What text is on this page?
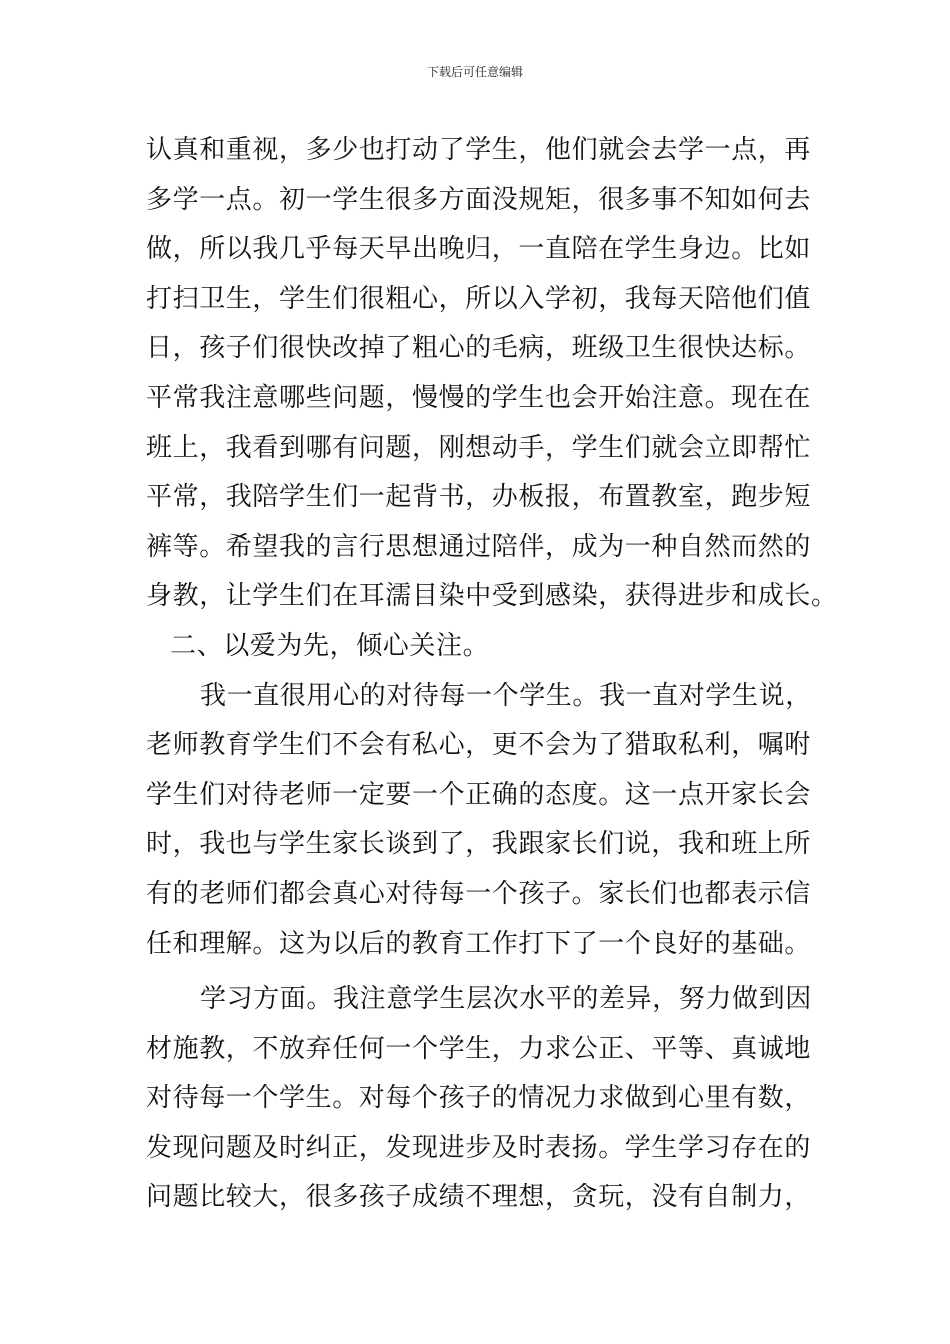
下载后可任意编辑
认真和重视，多少也打动了学生，他们就会去学一点，再
多学一点。初一学生很多方面没规矩，很多事不知如何去
做，所以我几乎每天早出晚归，一直陪在学生身边。比如
打扫卫生，学生们很粗心，所以入学初，我每天陪他们值
日，孩子们很快改掉了粗心的毛病，班级卫生很快达标。
平常我注意哪些问题，慢慢的学生也会开始注意。现在在
班上，我看到哪有问题，刚想动手，学生们就会立即帮忙
平常，我陪学生们一起背书，办板报，布置教室，跑步短
裤等。希望我的言行思想通过陪伴，成为一种自然而然的
身教，让学生们在耳濡目染中受到感染，获得进步和成长。
二、以爱为先，倾心关注。
我一直很用心的对待每一个学生。我一直对学生说，
老师教育学生们不会有私心，更不会为了猎取私利，嘱咐
学生们对待老师一定要一个正确的态度。这一点开家长会
时，我也与学生家长谈到了，我跟家长们说，我和班上所
有的老师们都会真心对待每一个孩子。家长们也都表示信
任和理解。这为以后的教育工作打下了一个良好的基础。
学习方面。我注意学生层次水平的差异，努力做到因
材施教，不放弃任何一个学生，力求公正、平等、真诚地
对待每一个学生。对每个孩子的情况力求做到心里有数，
发现问题及时纠正，发现进步及时表扬。学生学习存在的
问题比较大，很多孩子成绩不理想，贪玩，没有自制力，
